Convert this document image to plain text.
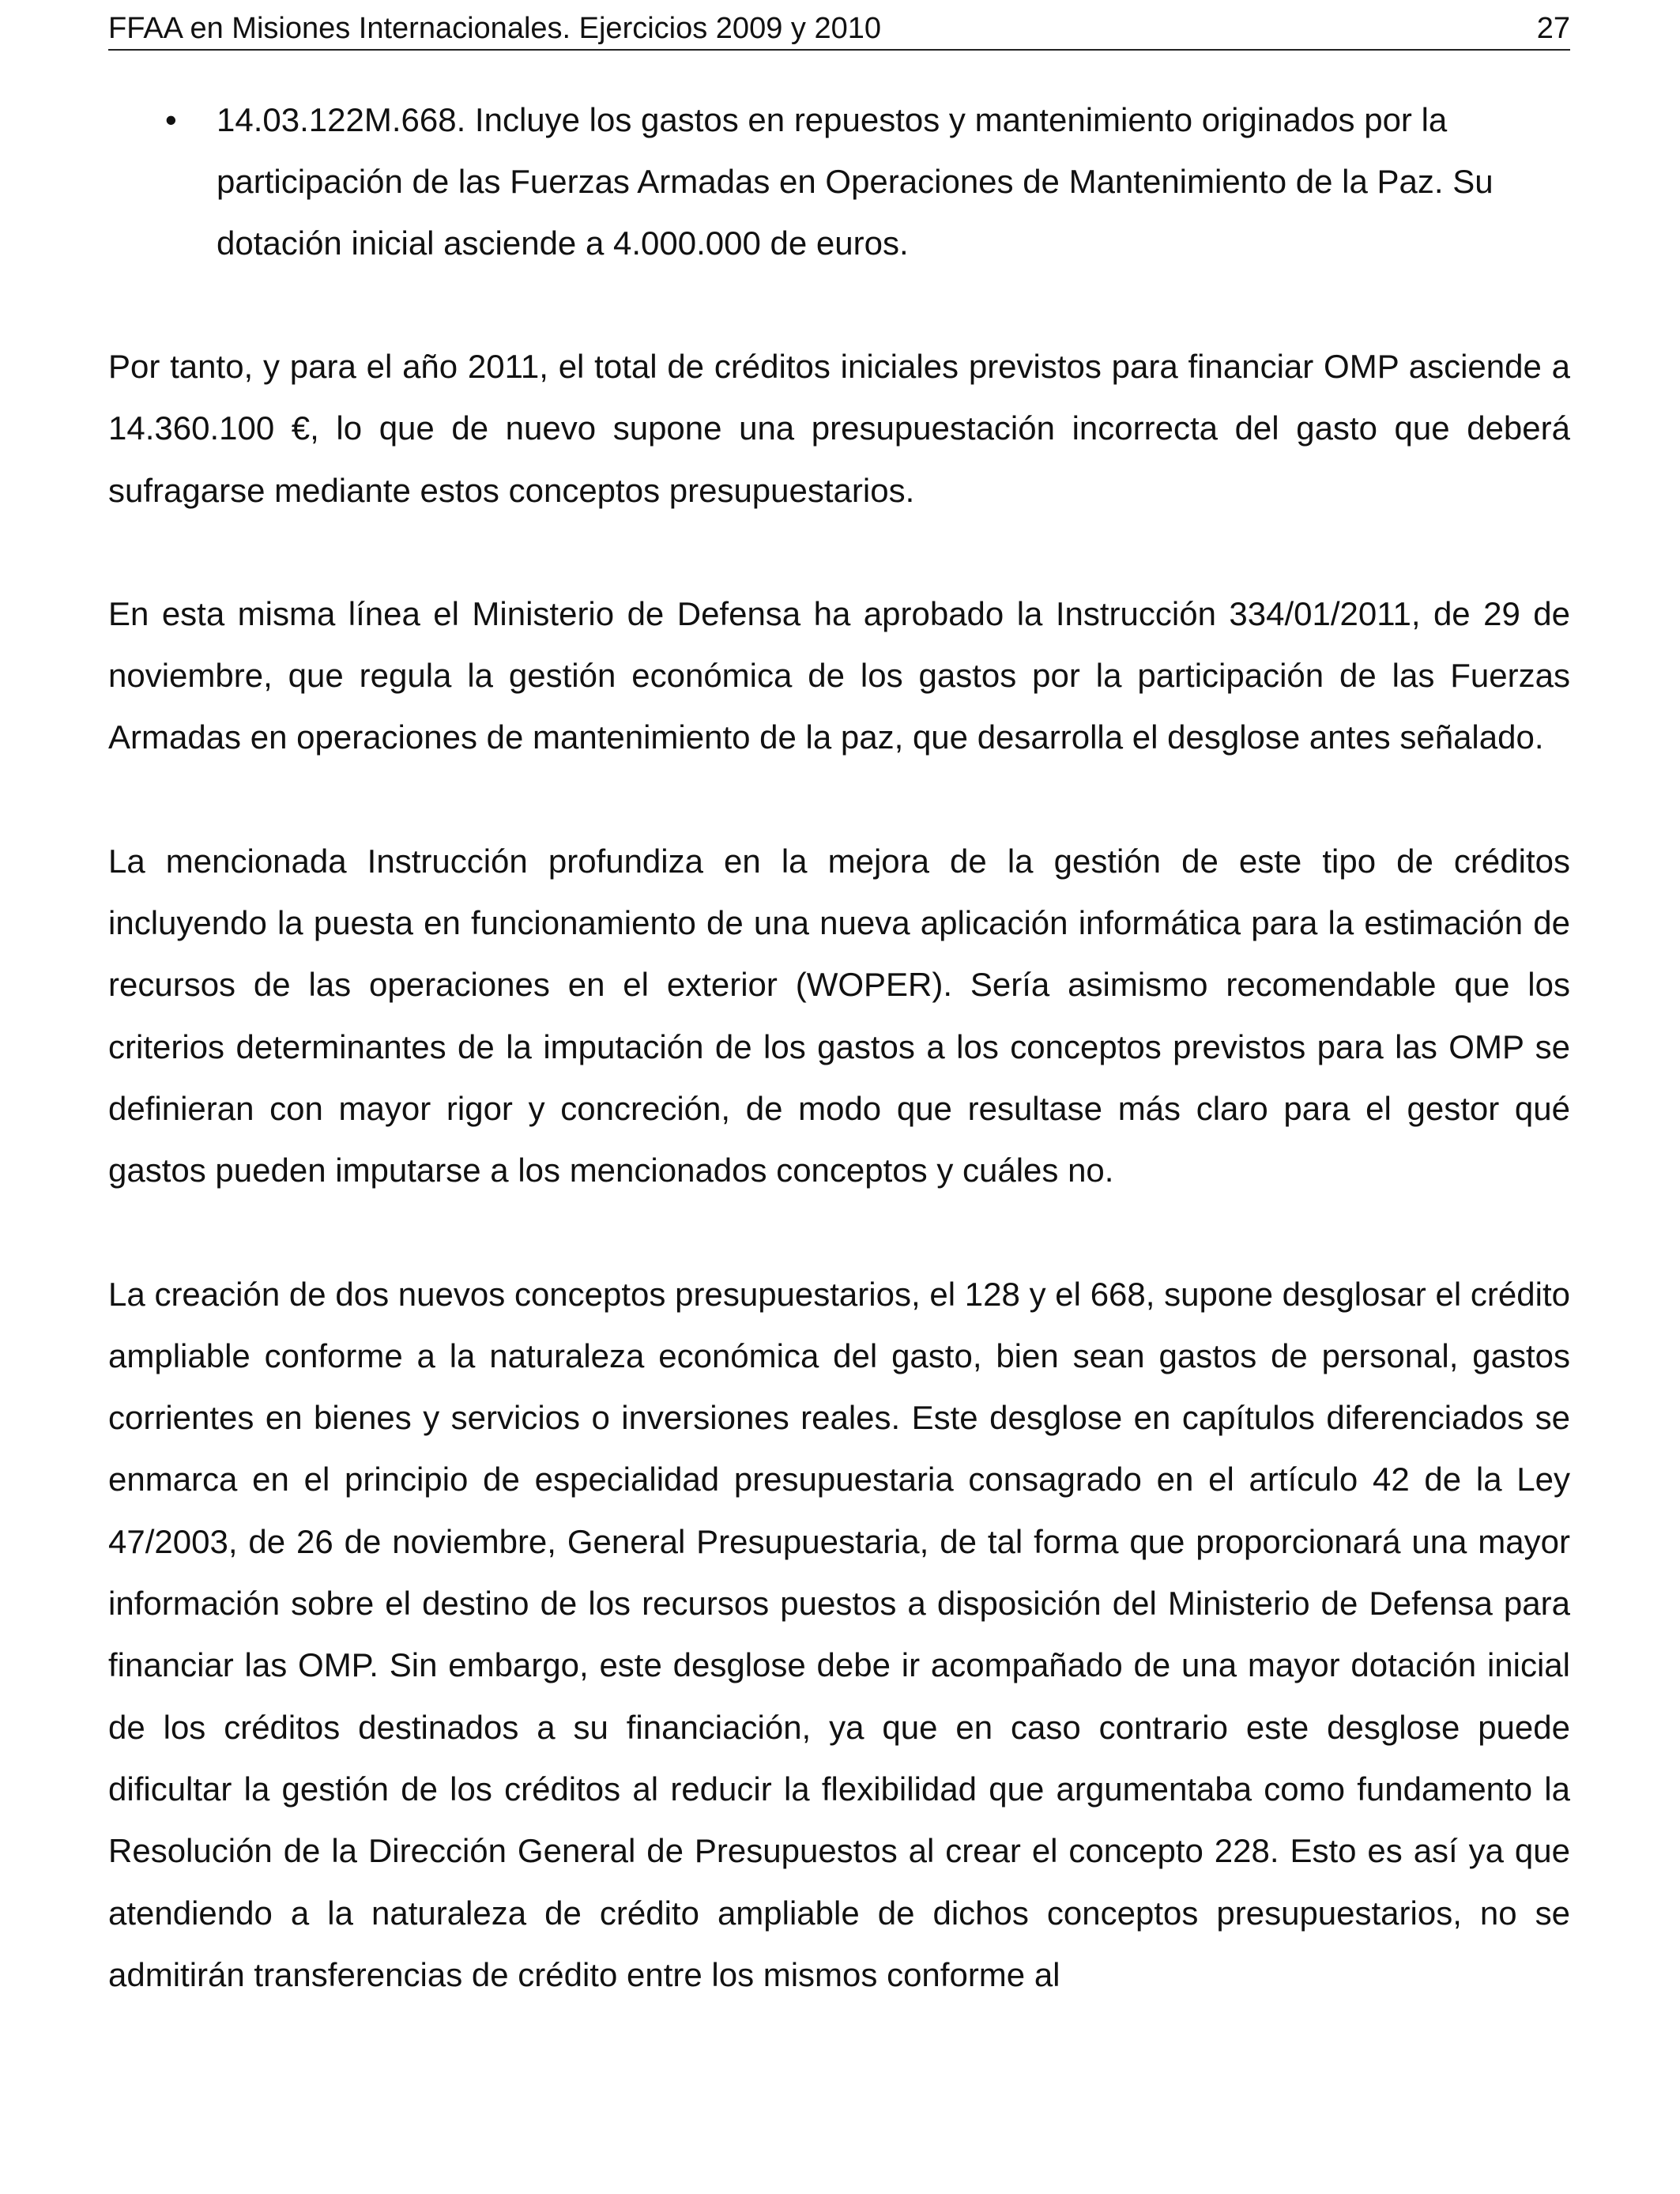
FFAA en Misiones Internacionales. Ejercicios 2009 y 2010	27
•	14.03.122M.668. Incluye los gastos en repuestos y mantenimiento originados por la participación de las Fuerzas Armadas en Operaciones de Mantenimiento de la Paz. Su dotación inicial asciende a 4.000.000 de euros.

Por tanto, y para el año 2011, el total de créditos iniciales previstos para financiar OMP asciende a 14.360.100 €, lo que de nuevo supone una presupuestación incorrecta del gasto que deberá sufragarse mediante estos conceptos presupuestarios.

En esta misma línea el Ministerio de Defensa ha aprobado la Instrucción 334/01/2011, de 29 de noviembre, que regula la gestión económica de los gastos por la participación de las Fuerzas Armadas en operaciones de mantenimiento de la paz, que desarrolla el desglose antes señalado.

La mencionada Instrucción profundiza en la mejora de la gestión de este tipo de créditos incluyendo la puesta en funcionamiento de una nueva aplicación informática para la estimación de recursos de las operaciones en el exterior (WOPER). Sería asimismo recomendable que los criterios determinantes de la imputación de los gastos a los conceptos previstos para las OMP se definieran con mayor rigor y concreción, de modo que resultase más claro para el gestor qué gastos pueden imputarse a los mencionados conceptos y cuáles no.

La creación de dos nuevos conceptos presupuestarios, el 128 y el 668, supone desglosar el crédito ampliable conforme a la naturaleza económica del gasto, bien sean gastos de personal, gastos corrientes en bienes y servicios o inversiones reales. Este desglose en capítulos diferenciados se enmarca en el principio de especialidad presupuestaria consagrado en el artículo 42 de la Ley 47/2003, de 26 de noviembre, General Presupuestaria, de tal forma que proporcionará una mayor información sobre el destino de los recursos puestos a disposición del Ministerio de Defensa para financiar las OMP. Sin embargo, este desglose debe ir acompañado de una mayor dotación inicial de los créditos destinados a su financiación, ya que en caso contrario este desglose puede dificultar la gestión de los créditos al reducir la flexibilidad que argumentaba como fundamento la Resolución de la Dirección General de Presupuestos al crear el concepto 228. Esto es así ya que atendiendo a la naturaleza de crédito ampliable de dichos conceptos presupuestarios, no se admitirán transferencias de crédito entre los mismos conforme al
